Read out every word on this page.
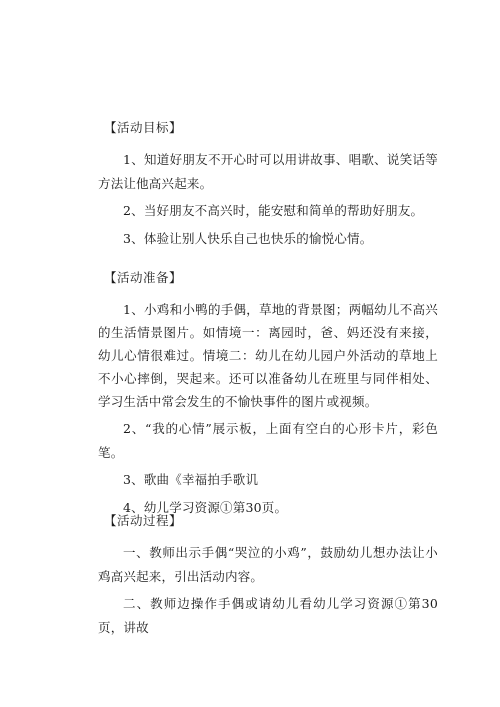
【活动目标】

1、知道好朋友不开心时可以用讲故事、唱歌、说笑话等方法让他高兴起来。

2、当好朋友不高兴时，能安慰和简单的帮助好朋友。

3、体验让别人快乐自己也快乐的愉悦心情。

【活动准备】

1、小鸡和小鸭的手偶，草地的背景图；两幅幼儿不高兴的生活情景图片。如情境一：离园时，爸、妈还没有来接，幼儿心情很难过。情境二：幼儿在幼儿园户外活动的草地上不小心摔倒，哭起来。还可以准备幼儿在班里与同伴相处、学习生活中常会发生的不愉快事件的图片或视频。

2、“我的心情”展示板，上面有空白的心形卡片，彩色笔。

3、歌曲《幸福拍手歌讥

4、幼儿学习资源①第30页。

【活动过程】

一、教师出示手偶“哭泣的小鸡”，鼓励幼儿想办法让小鸡高兴起来，引出活动内容。

二、教师边操作手偶或请幼儿看幼儿学习资源①第30页，讲故
